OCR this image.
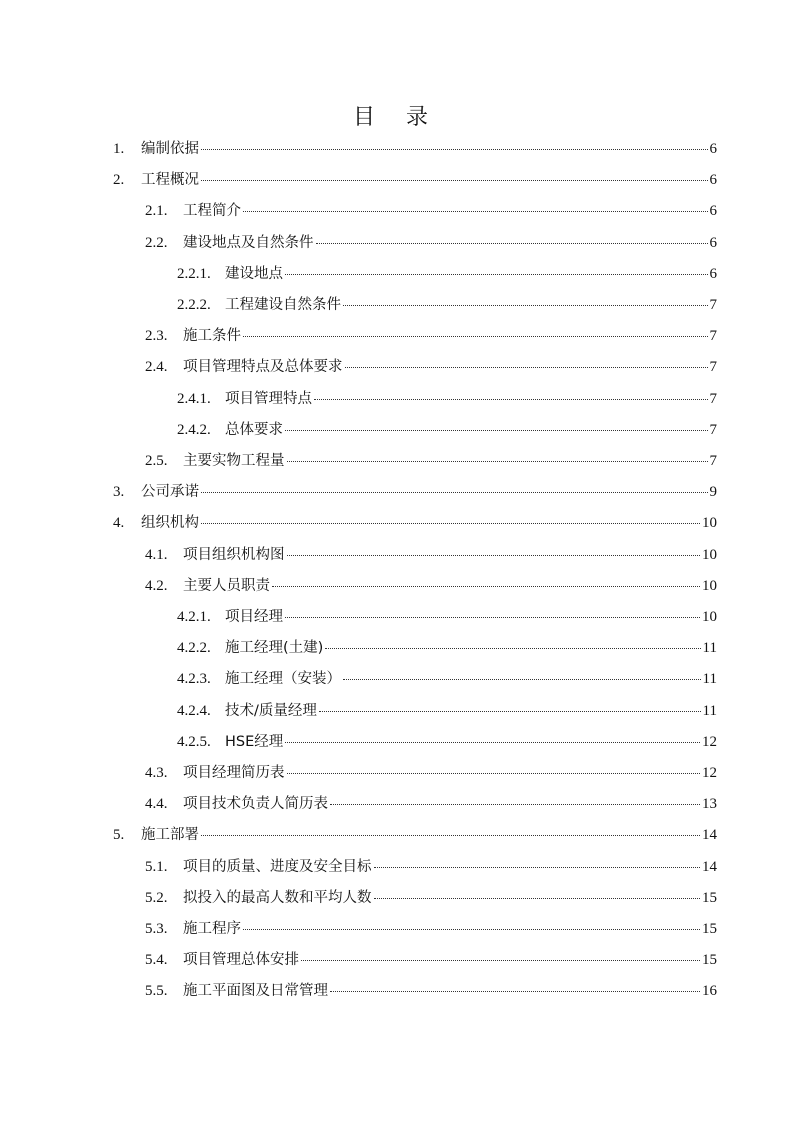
目 录
1.	编制依据	6
2.	工程概况	6
2.1.	工程简介	6
2.2.	建设地点及自然条件	6
2.2.1. 建设地点	6
2.2.2. 工程建设自然条件	7
2.3.	施工条件	7
2.4.	项目管理特点及总体要求	7
2.4.1. 项目管理特点	7
2.4.2. 总体要求	7
2.5.	主要实物工程量	7
3.	公司承诺	9
4.	组织机构	10
4.1.	项目组织机构图	10
4.2.	主要人员职责	10
4.2.1. 项目经理	10
4.2.2. 施工经理(土建)	11
4.2.3. 施工经理（安装）	11
4.2.4. 技术/质量经理	11
4.2.5. HSE经理	12
4.3.	项目经理简历表	12
4.4.	项目技术负责人简历表	13
5.	施工部署	14
5.1.	项目的质量、进度及安全目标	14
5.2.	拟投入的最高人数和平均人数	15
5.3.	施工程序	15
5.4.	项目管理总体安排	15
5.5.	施工平面图及日常管理	16
